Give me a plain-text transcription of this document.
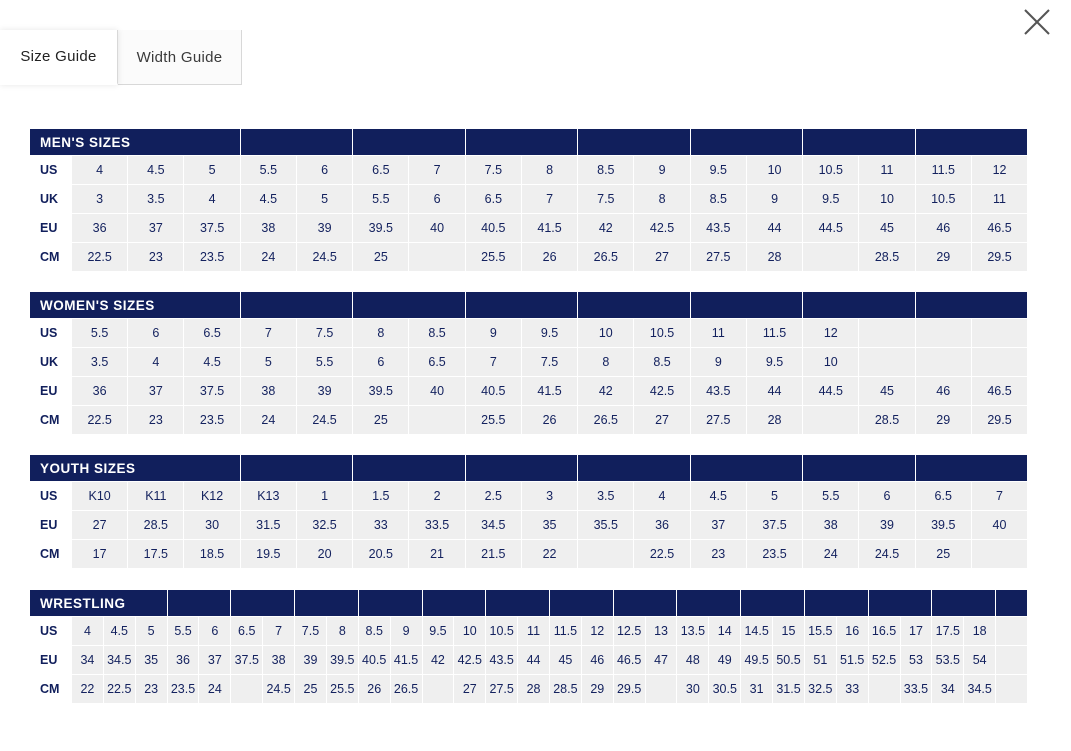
Size Guide	Width Guide
MEN'S SIZES																	
US	4	4.5	5	5.5	6	6.5	7	7.5	8	8.5	9	9.5	10	10.5	11	11.5	12
UK	3	3.5	4	4.5	5	5.5	6	6.5	7	7.5	8	8.5	9	9.5	10	10.5	11
EU	36	37	37.5	38	39	39.5	40	40.5	41.5	42	42.5	43.5	44	44.5	45	46	46.5
CM	22.5	23	23.5	24	24.5	25		25.5	26	26.5	27	27.5	28		28.5	29	29.5
WOMEN'S SIZES																	
US	5.5	6	6.5	7	7.5	8	8.5	9	9.5	10	10.5	11	11.5	12			
UK	3.5	4	4.5	5	5.5	6	6.5	7	7.5	8	8.5	9	9.5	10			
EU	36	37	37.5	38	39	39.5	40	40.5	41.5	42	42.5	43.5	44	44.5	45	46	46.5
CM	22.5	23	23.5	24	24.5	25		25.5	26	26.5	27	27.5	28		28.5	29	29.5
YOUTH SIZES																	
US	K10	K11	K12	K13	1	1.5	2	2.5	3	3.5	4	4.5	5	5.5	6	6.5	7
EU	27	28.5	30	31.5	32.5	33	33.5	34.5	35	35.5	36	37	37.5	38	39	39.5	40
CM	17	17.5	18.5	19.5	20	20.5	21	21.5	22		22.5	23	23.5	24	24.5	25	
WRESTLING																														
US	4	4.5	5	5.5	6	6.5	7	7.5	8	8.5	9	9.5	10	10.5	11	11.5	12	12.5	13	13.5	14	14.5	15	15.5	16	16.5	17	17.5	18	
EU	34	34.5	35	36	37	37.5	38	39	39.5	40.5	41.5	42	42.5	43.5	44	45	46	46.5	47	48	49	49.5	50.5	51	51.5	52.5	53	53.5	54	
CM	22	22.5	23	23.5	24		24.5	25	25.5	26	26.5		27	27.5	28	28.5	29	29.5		30	30.5	31	31.5	32.5	33		33.5	34	34.5	
